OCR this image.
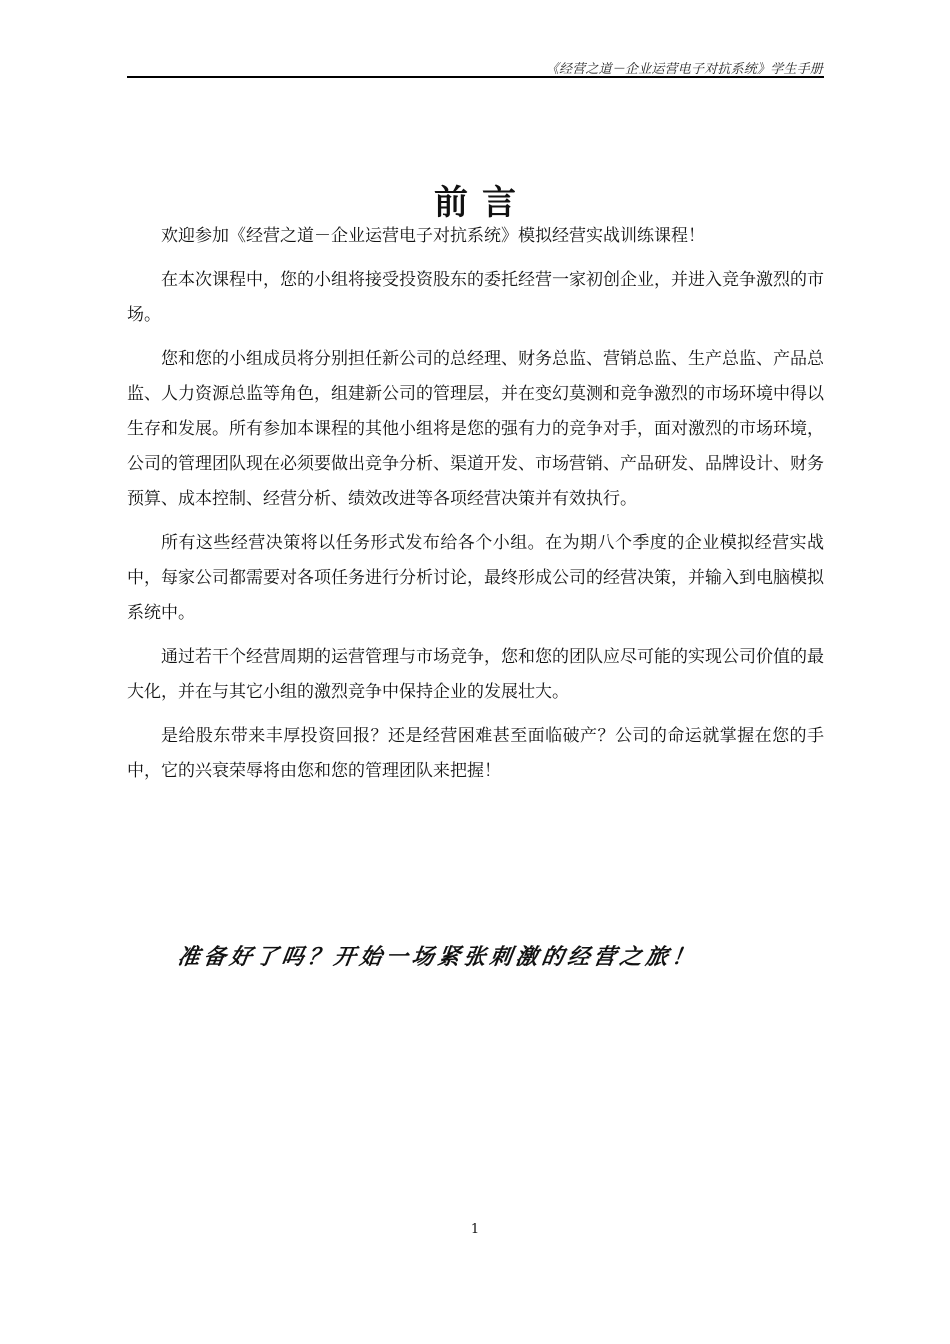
《经营之道－企业运营电子对抗系统》学生手册
前言

欢迎参加《经营之道－企业运营电子对抗系统》模拟经营实战训练课程！

在本次课程中，您的小组将接受投资股东的委托经营一家初创企业，并进入竞争激烈的市场。

您和您的小组成员将分别担任新公司的总经理、财务总监、营销总监、生产总监、产品总监、人力资源总监等角色，组建新公司的管理层，并在变幻莫测和竞争激烈的市场环境中得以生存和发展。所有参加本课程的其他小组将是您的强有力的竞争对手，面对激烈的市场环境，公司的管理团队现在必须要做出竞争分析、渠道开发、市场营销、产品研发、品牌设计、财务预算、成本控制、经营分析、绩效改进等各项经营决策并有效执行。

所有这些经营决策将以任务形式发布给各个小组。在为期八个季度的企业模拟经营实战中，每家公司都需要对各项任务进行分析讨论，最终形成公司的经营决策，并输入到电脑模拟系统中。

通过若干个经营周期的运营管理与市场竞争，您和您的团队应尽可能的实现公司价值的最大化，并在与其它小组的激烈竞争中保持企业的发展壮大。

是给股东带来丰厚投资回报？还是经营困难甚至面临破产？公司的命运就掌握在您的手中，它的兴衰荣辱将由您和您的管理团队来把握！

准备好了吗？开始一场紧张刺激的经营之旅！
1
